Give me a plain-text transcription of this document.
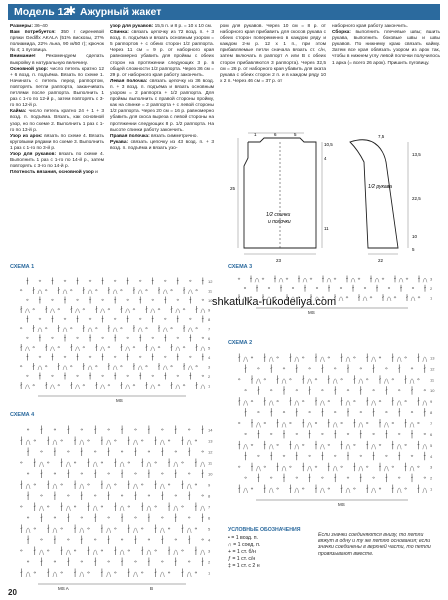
Модель 12
✱ Ажурный жакет

Размеры: 36–40

Вам потребуется: 350 г сиреневой пряжи Gediflx AKALA (51% вискозы, 27% полиамида, 22% льна, 90 м/50 г); крючок № 4; 1 пуговица.

Внимание! Рекомендуем сделать выкройку в натуральную величину.

Основной узор: число петель кратно 12 + 6 возд. п. подъёма. Вязать по схеме 1. Начинать с петель перед раппортом, повторять петли раппорта, заканчивать петлями после раппорта. Выполнить 1 раз с 1-го по 12-й р., затем повторять с 3-го по 12-й р.

Кайма: число петель кратно 24 + 1 + 3 возд. п. подъёма. Вязать, как основной узор, но по схеме 2. Выполнить 1 раз с 1-го по 13-й р.

Узор из арок: вязать по схеме 4. Вязать круговыми рядами по схеме 3. Выполнить 1 раз с 1-го по 3-й р.

Узор для рукавов: вязать по схеме 4. Выполнить 1 раз с 1-го по 14-й р., затем повторять с 3-го по 14-й р.

Плотность вязания, основной узор и

узор для рукавов: 15,5 п. и 8 р. = 10 х 10 см.

Спинка: связать цепочку из 72 возд. п. + 3 возд. п. подъёма и вязать основным узором = 5 раппортов + с обеих сторон 1/2 раппорта. Через 11 см = 9 р. от наборного края равномерно убавить для проймы с обеих сторон на протяжении следующих 3 р. в общей сложности 1/2 раппорта. Через 36 см = 29 р. от наборного края работу закончить.

Левая полочка: связать цепочку из 36 возд. п. + 3 возд. п. подъёма и вязать основным узором = 2 раппорта + 1/2 раппорта. Для проймы выполнить с правой стороны пройму, как на спинке = 2 раппорта + с левой стороны 1/2 раппорта. Через 20 см = 16 р. равномерно убавить для скоса выреза с левой стороны на протяжении следующих 8 р. 1/2 раппорта. На высоте спинки работу закончить.

Правая полочка: вязать симметрично.

Рукава: связать цепочку из 43 возд. п. + 3 возд. п. подъёма и вязать узо-

ром для рукавов. Через 10 см = 8 р. от наборного края прибавить для скосов рукава с обеих сторон попеременно в каждом ряду и каждом 2-м р. 12 х 1 п., при этом прибавляемые петли сначала вязать ст. с/н, затем включать в раппорт А или В с обеих сторон прибавляются 3 раппорта). Через 32,5 см = 26 р. от наборного края убавить для окатa рукава с обеих сторон 2 п. и в каждом ряду 10 х 2 п. Через 46 см = 37 р. от

наборного края работу закончить.

Сборка: выполнить плечевые швы; вшить рукава, выполнить боковые швы и швы рукавов. По нижнему краю связать кайму. Затем все края обвязать узором из арок так, чтобы в нижнем углу левой полочки получилось 1 арка (= всего 26 арок). Пришить пуговицу.

1/2 спинки
и полочки
1	6	5
25
11
4
23
10,5
1/2 рукава
13,5
22,5
10
7,5
22
5
СХЕМА 1	СХЕМА 3
СХЕМА 2
СХЕМА 4
shkatulka-rukodeliya.com
1
2
3
4
5
6
7
8
9
10
11
12
1
2
3
1
2
3
4
5
6
7
8
9
10
11
12
13
1
2
3
4
5
6
7
8
9
10
11
12
13
14
MS
MS
MS
MS A	B
УСЛОВНЫЕ ОБОЗНАЧЕНИЯ
• = 1 возд. п.
∩ = 1 соед. п.
+ = 1 ст. б/н
ƒ = 1 ст. с/н
‡ = 1 ст. с 2 н
Если значки соединяются внизу, то петли вяжут в одну и ту же петлю основания; если значки соединены в верхней части, то петли провязывают вместе.
20
